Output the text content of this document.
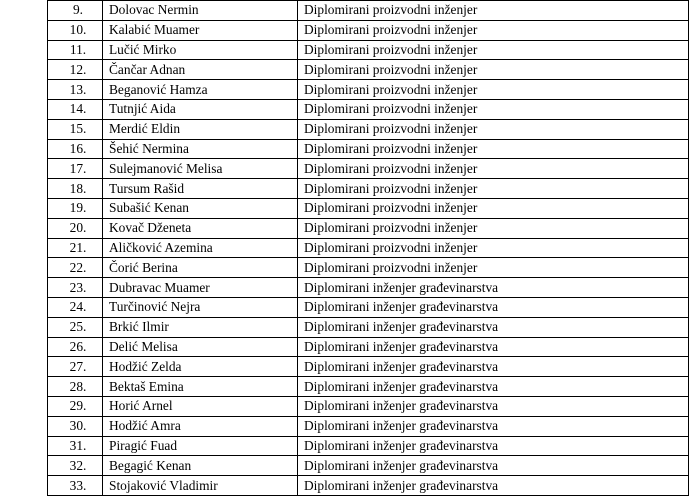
9.	Dolovac Nermin	Diplomirani proizvodni inženjer
10.	Kalabić Muamer	Diplomirani proizvodni inženjer
11.	Lučić Mirko	Diplomirani proizvodni inženjer
12.	Čančar Adnan	Diplomirani proizvodni inženjer
13.	Beganović Hamza	Diplomirani proizvodni inženjer
14.	Tutnjić Aida	Diplomirani proizvodni inženjer
15.	Merdić Eldin	Diplomirani proizvodni inženjer
16.	Šehić Nermina	Diplomirani proizvodni inženjer
17.	Sulejmanović Melisa	Diplomirani proizvodni inženjer
18.	Tursum Rašid	Diplomirani proizvodni inženjer
19.	Subašić Kenan	Diplomirani proizvodni inženjer
20.	Kovač Dženeta	Diplomirani proizvodni inženjer
21.	Aličković Azemina	Diplomirani proizvodni inženjer
22.	Čorić Berina	Diplomirani proizvodni inženjer
23.	Dubravac Muamer	Diplomirani inženjer građevinarstva
24.	Turčinović Nejra	Diplomirani inženjer građevinarstva
25.	Brkić Ilmir	Diplomirani inženjer građevinarstva
26.	Delić Melisa	Diplomirani inženjer građevinarstva
27.	Hodžić Zelda	Diplomirani inženjer građevinarstva
28.	Bektaš Emina	Diplomirani inženjer građevinarstva
29.	Horić Arnel	Diplomirani inženjer građevinarstva
30.	Hodžić Amra	Diplomirani inženjer građevinarstva
31.	Piragić Fuad	Diplomirani inženjer građevinarstva
32.	Begagić Kenan	Diplomirani inženjer građevinarstva
33.	Stojaković Vladimir	Diplomirani inženjer građevinarstva
